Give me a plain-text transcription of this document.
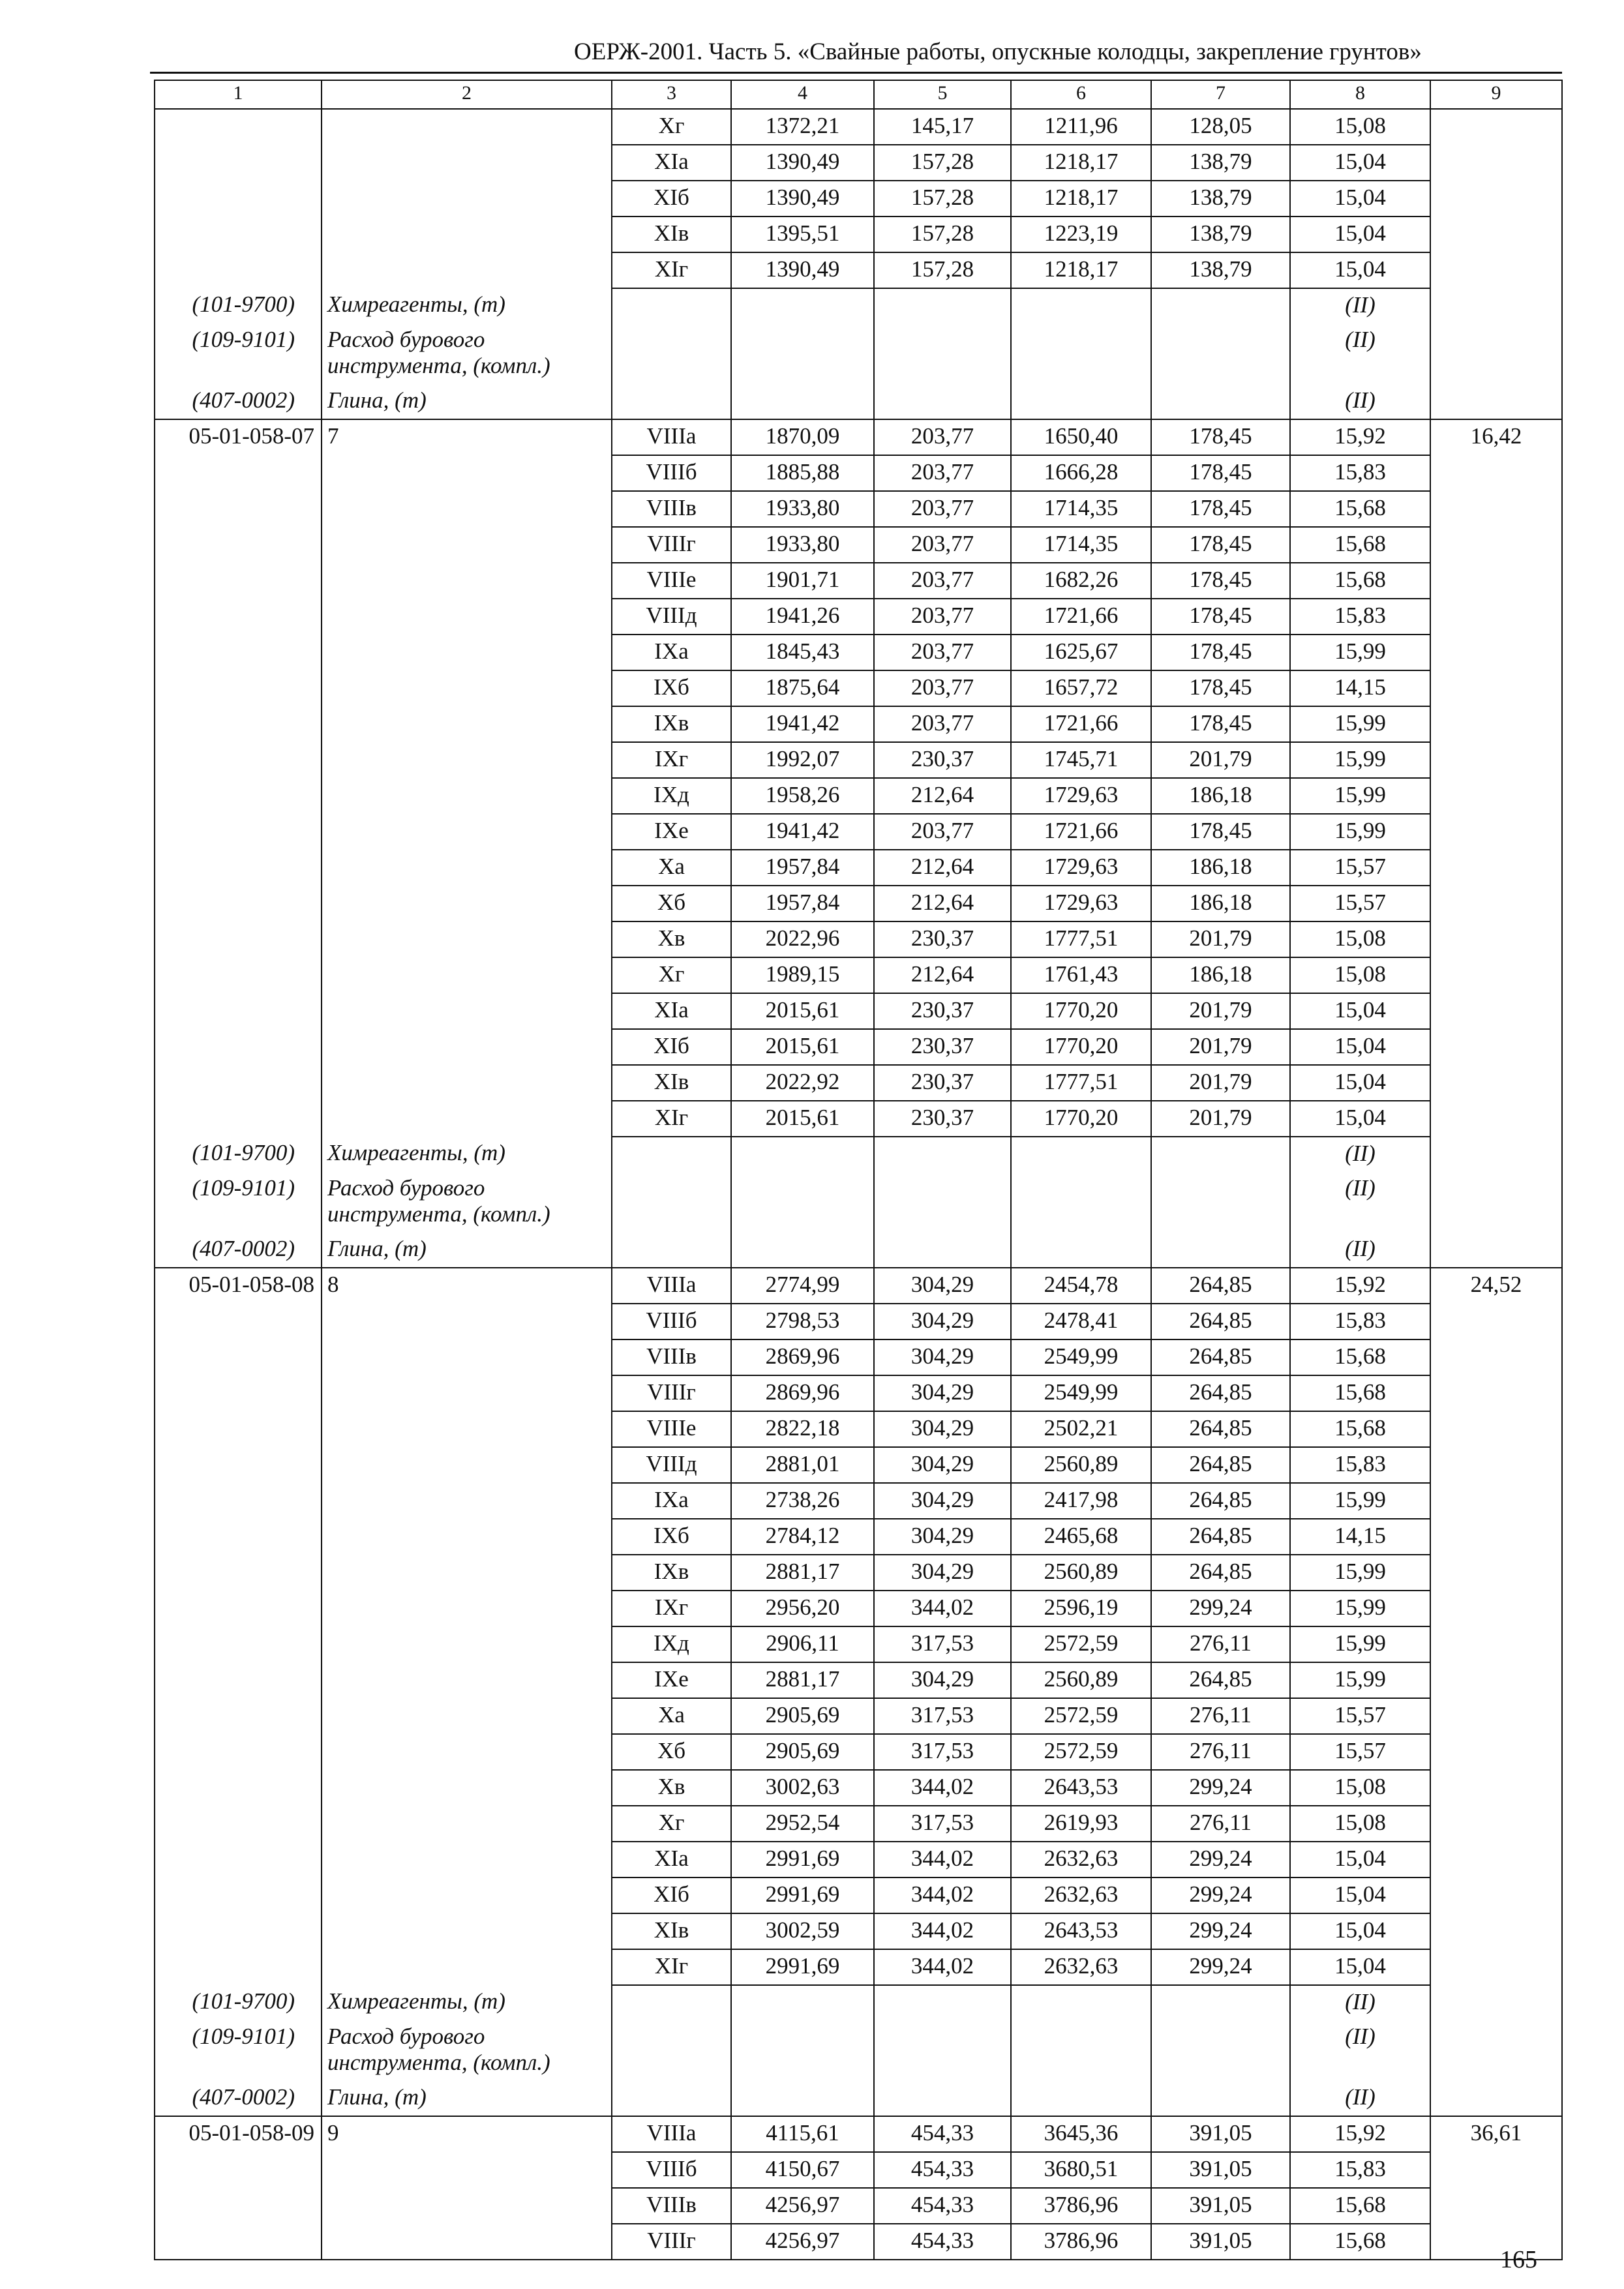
ОЕРЖ-2001. Часть 5. «Свайные работы, опускные колодцы, закрепление грунтов»
1	2	3	4	5	6	7	8	9
		Хг	1372,21	145,17	1211,96	128,05	15,08	
		XIа	1390,49	157,28	1218,17	138,79	15,04	
		XIб	1390,49	157,28	1218,17	138,79	15,04	
		XIв	1395,51	157,28	1223,19	138,79	15,04	
		XIг	1390,49	157,28	1218,17	138,79	15,04	
(101-9700)	Химреагенты, (т)						(II)	
(109-9101)	Расход бурового инструмента, (компл.)						(II)	
(407-0002)	Глина, (т)						(II)	
05-01-058-07	7	VIIIа	1870,09	203,77	1650,40	178,45	15,92	16,42
		VIIIб	1885,88	203,77	1666,28	178,45	15,83	
		VIIIв	1933,80	203,77	1714,35	178,45	15,68	
		VIIIг	1933,80	203,77	1714,35	178,45	15,68	
		VIIIе	1901,71	203,77	1682,26	178,45	15,68	
		VIIIд	1941,26	203,77	1721,66	178,45	15,83	
		IXа	1845,43	203,77	1625,67	178,45	15,99	
		IXб	1875,64	203,77	1657,72	178,45	14,15	
		IXв	1941,42	203,77	1721,66	178,45	15,99	
		IXг	1992,07	230,37	1745,71	201,79	15,99	
		IXд	1958,26	212,64	1729,63	186,18	15,99	
		IXе	1941,42	203,77	1721,66	178,45	15,99	
		Ха	1957,84	212,64	1729,63	186,18	15,57	
		Хб	1957,84	212,64	1729,63	186,18	15,57	
		Хв	2022,96	230,37	1777,51	201,79	15,08	
		Хг	1989,15	212,64	1761,43	186,18	15,08	
		XIа	2015,61	230,37	1770,20	201,79	15,04	
		XIб	2015,61	230,37	1770,20	201,79	15,04	
		XIв	2022,92	230,37	1777,51	201,79	15,04	
		XIг	2015,61	230,37	1770,20	201,79	15,04	
(101-9700)	Химреагенты, (т)						(II)	
(109-9101)	Расход бурового инструмента, (компл.)						(II)	
(407-0002)	Глина, (т)						(II)	
05-01-058-08	8	VIIIа	2774,99	304,29	2454,78	264,85	15,92	24,52
		VIIIб	2798,53	304,29	2478,41	264,85	15,83	
		VIIIв	2869,96	304,29	2549,99	264,85	15,68	
		VIIIг	2869,96	304,29	2549,99	264,85	15,68	
		VIIIе	2822,18	304,29	2502,21	264,85	15,68	
		VIIIд	2881,01	304,29	2560,89	264,85	15,83	
		IXа	2738,26	304,29	2417,98	264,85	15,99	
		IXб	2784,12	304,29	2465,68	264,85	14,15	
		IXв	2881,17	304,29	2560,89	264,85	15,99	
		IXг	2956,20	344,02	2596,19	299,24	15,99	
		IXд	2906,11	317,53	2572,59	276,11	15,99	
		IXе	2881,17	304,29	2560,89	264,85	15,99	
		Ха	2905,69	317,53	2572,59	276,11	15,57	
		Хб	2905,69	317,53	2572,59	276,11	15,57	
		Хв	3002,63	344,02	2643,53	299,24	15,08	
		Хг	2952,54	317,53	2619,93	276,11	15,08	
		XIа	2991,69	344,02	2632,63	299,24	15,04	
		XIб	2991,69	344,02	2632,63	299,24	15,04	
		XIв	3002,59	344,02	2643,53	299,24	15,04	
		XIг	2991,69	344,02	2632,63	299,24	15,04	
(101-9700)	Химреагенты, (т)						(II)	
(109-9101)	Расход бурового инструмента, (компл.)						(II)	
(407-0002)	Глина, (т)						(II)	
05-01-058-09	9	VIIIа	4115,61	454,33	3645,36	391,05	15,92	36,61
		VIIIб	4150,67	454,33	3680,51	391,05	15,83	
		VIIIв	4256,97	454,33	3786,96	391,05	15,68	
		VIIIг	4256,97	454,33	3786,96	391,05	15,68	
165
